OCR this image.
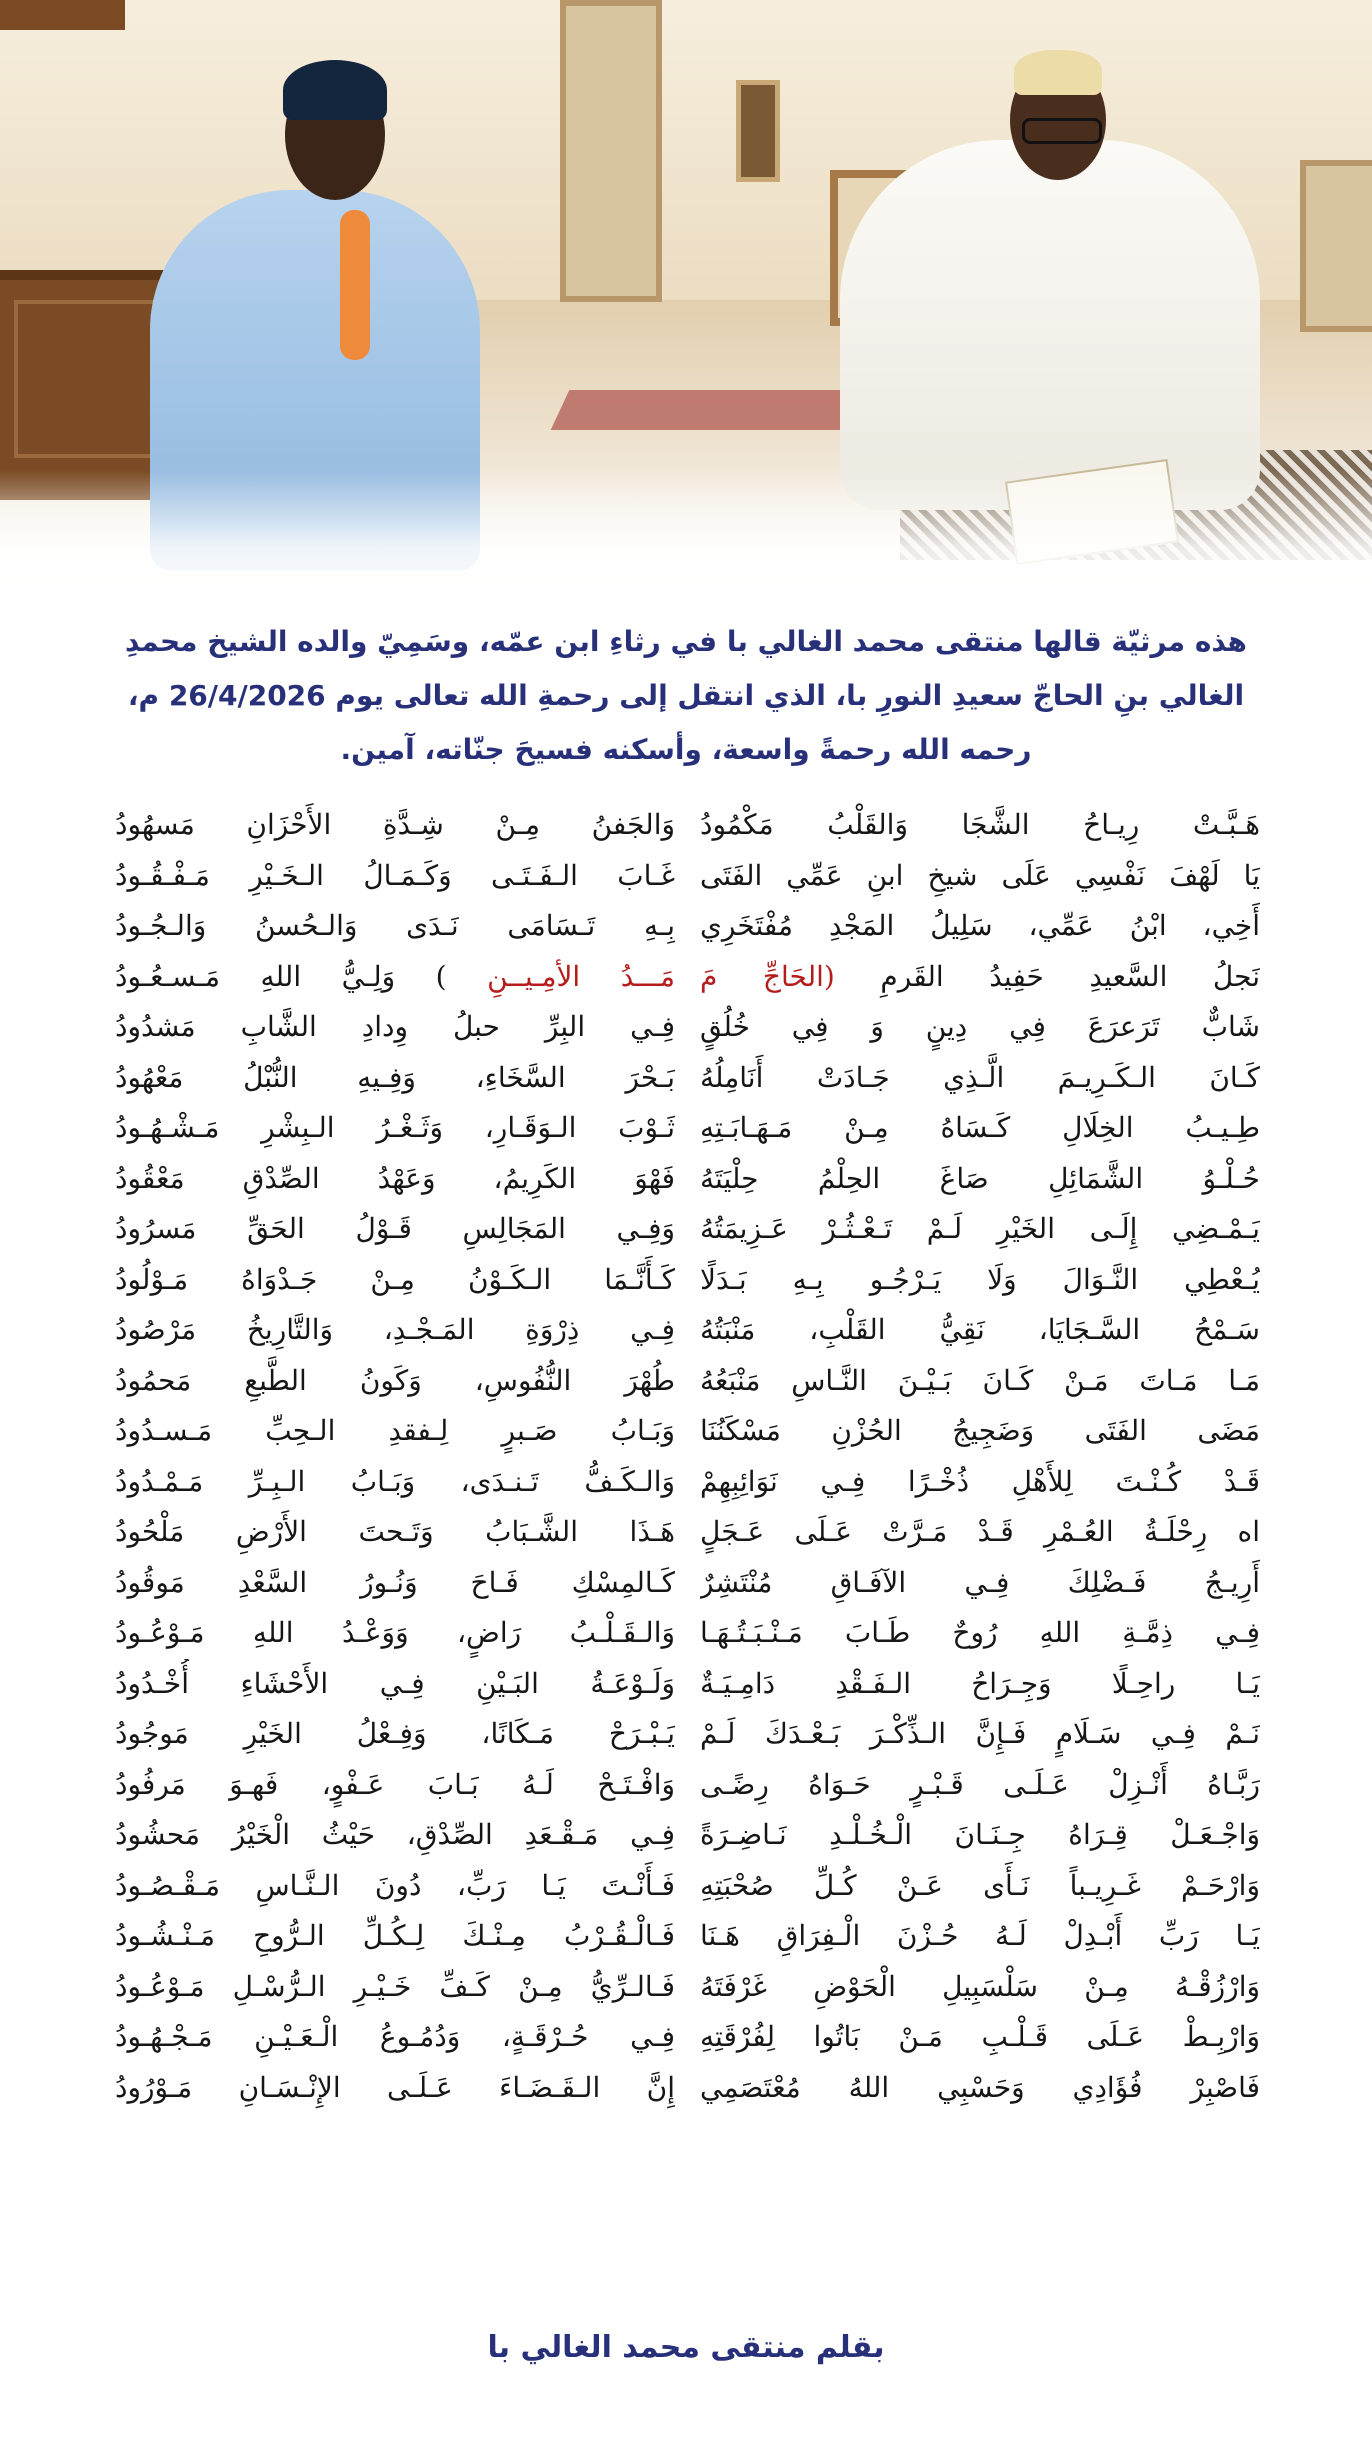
هذه مرثيّة قالها منتقى محمد الغالي با في رثاءِ ابن عمّه، وسَمِيّ والده الشيخ محمدِ
الغالي بنِ الحاجّ سعيدِ النورِ با، الذي انتقل إلى رحمةِ الله تعالى يوم 26/4/2026 م،
رحمه الله رحمةً واسعة، وأسكنه فسيحَ جنّاته، آمين.
هَـبَّـتْ رِيـاحُ الشَّجَا وَالقَلْبُ مَكْمُودُ
يَا لَهْفَ نَفْسِي عَلَى شيخِ ابنِ عَمِّي الفَتَى
أَخِي، ابْنُ عَمِّي، سَلِيلُ المَجْدِ مُفْتَخَرِي
نَجلُ السَّعيدِ حَفِيدُ القَرمِ (الحَاجِّ مَ
شَابٌّ تَرَعرَعَ فِي دِينٍ وَ فِي خُلُقٍ
كَـانَ الـكَـرِيـمَ الَّـذِي جَـادَتْ أَنَامِلُهُ
طِـيـبُ الخِلَالِ كَـسَاهُ مِـنْ مَـهَـابَـتِهِ
حُـلْـوُ الشَّمَائِلِ صَاغَ الحِلْمُ حِلْيَتَهُ
يَـمْـضِي إِلَـى الخَيْرِ لَـمْ تَـعْـثُـرْ عَـزِيمَتُهُ
يُـعْطِي النَّـوَالَ وَلَا يَـرْجُـو بِـهِ بَـدَلًا
سَـمْحُ السَّـجَايَا، نَقِيُّ القَلْبِ، مَنْبَتُهُ
مَـا مَـاتَ مَـنْ كَـانَ بَـيْـنَ النَّـاسِ مَنْبَعُهُ
مَضَى الفَتَى وَضَجِيجُ الحُزْنِ مَسْكَنُنَا
قَـدْ كُـنْـتَ لِلأَهْلِ ذُخْـرًا فِـي نَوَائِبِهِمْ
اه رِحْلَـةُ العُـمْرِ قَـدْ مَـرَّتْ عَـلَى عَـجَلٍ
أَرِيـجُ فَـضْلِكَ فِـي الآفَـاقِ مُنْتَشِرٌ
فِـي ذِمَّـةِ اللهِ رُوحٌ طَـابَ مَـنْـبَـتُـهَـا
يَـا راحِـلًا وَجِـرَاحُ الـفَـقْدِ دَامِـيَـةٌ
نَـمْ فِـي سَـلَامٍ فَـإِنَّ الـذِّكْـرَ بَـعْـدَكَ لَـمْ
رَبَّـاهُ أَنْـزِلْ عَـلَـى قَـبْـرٍ حَـوَاهُ رِضًـى
وَاجْـعَـلْ قِـرَاهُ جِـنَـانَ الْـخُـلْـدِ نَـاضِـرَةً
وَارْحَـمْ غَـرِيـباً نَـأَى عَـنْ كُـلِّ صُحْبَتِهِ
يَـا رَبِّ أَبْـدِلْ لَـهُ حُـزْنَ الْـفِرَاقِ هَـنَا
وَارْزُقْـهُ مِـنْ سَلْسَبِيلِ الْحَوْضِ غَرْفَتَهُ
وَارْبِـطْ عَـلَى قَـلْـبِ مَـنْ بَاتُوا لِفُرْقَتِهِ
فَاصْبِرْ فُؤَادِي وَحَسْبِي اللهُ مُعْتَصَمِي
وَالجَفنُ مِـنْ شِـدَّةِ الأَحْزَانِ مَسهُودُ
غَـابَ الـفَـتَـى وَكَـمَـالُ الـخَـيْرِ مَـفْـقُـودُ
بِـهِ تَـسَامَى نَـدَى وَالـحُسنُ وَالـجُـودُ
مَـــدُ الأمِـيــنِ ) وَلِـيُّ اللهِ مَـسـعُـودُ
فِـي البِرِّ حبلُ وِدادِ الشَّابِ مَشدُودُ
بَـحْرَ السَّخَاءِ، وَفِـيهِ النُّبْلُ مَعْهُودُ
ثَـوْبَ الـوَقَـارِ، وَثَـغْـرُ الـبِشْرِ مَـشْـهُـودُ
فَهْوَ الكَرِيمُ، وَعَهْدُ الصِّدْقِ مَعْقُودُ
وَفِـي المَجَالِسِ قَـوْلُ الحَقِّ مَسرُودُ
كَـأَنَّـمَا الـكَـوْنُ مِـنْ جَـدْوَاهُ مَـوْلُودُ
فِـي ذِرْوَةِ المَـجْـدِ، وَالتَّارِيخُ مَرْصُودُ
طُهْرَ النُّفُوسِ، وَكَونُ الطَّبعِ مَحمُودُ
وَبَـابُ صَـبرٍ لِـفقدِ الـحِبِّ مَـسـدُودُ
وَالـكَـفُّ تَـنـدَى، وَبَـابُ الـبِـرِّ مَـمْـدُودُ
هَـذَا الشَّـبَابُ وَتَـحتَ الأَرْضِ مَلْحُودُ
كَـالمِسْكِ فَـاحَ وَنُـورُ السَّعْدِ مَوقُودُ
وَالـقَـلْـبُ رَاضٍ، وَوَعْـدُ اللهِ مَـوْعُـودُ
وَلَـوْعَـةُ البَـيْنِ فِـي الأَحْشَاءِ أُخْـدُودُ
يَـبْـرَحْ مَـكَانًا، وَفِـعْلُ الخَيْرِ مَوجُودُ
وَافْـتَـحْ لَـهُ بَـابَ عَـفْوٍ، فَهـوَ مَرفُودُ
فِـي مَـقْـعَدِ الصِّدْقِ، حَيْثُ الْخَيْرُ مَحشُودُ
فَـأَنْـتَ يَـا رَبِّ، دُونَ الـنَّـاسِ مَـقْـصُـودُ
فَـالْـقُـرْبُ مِـنْـكَ لِـكُـلِّ الـرُّوحِ مَـنْـشُـودُ
فَـالـرِّيُّ مِـنْ كَـفِّ خَـيْـرِ الـرُّسْـلِ مَـوْعُـودُ
فِـي حُـرْقَـةٍ، وَدُمُـوعُ الْـعَـيْـنِ مَـجْـهُـودُ
إِنَّ الـقَـضَـاءَ عَـلَـى الإِنْـسَـانِ مَـوْرُودُ
بقلم منتقى محمد الغالي با
